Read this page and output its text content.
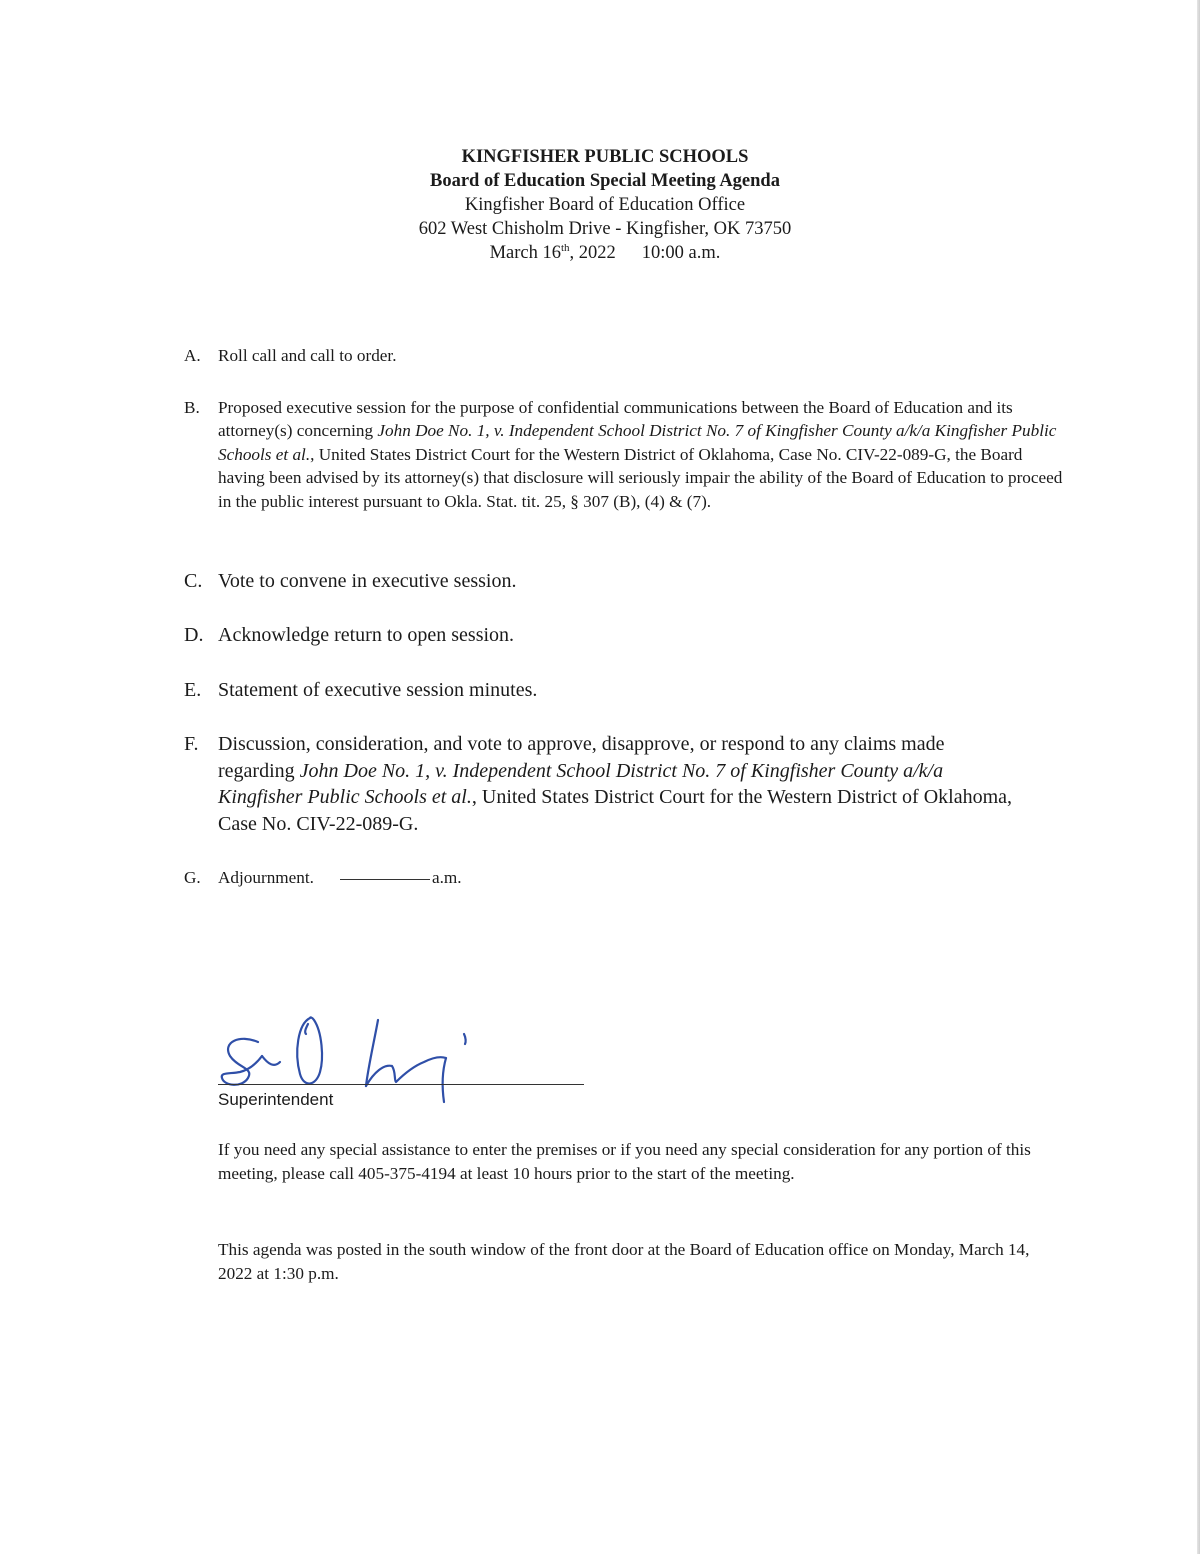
KINGFISHER PUBLIC SCHOOLS
Board of Education Special Meeting Agenda
Kingfisher Board of Education Office
602 West Chisholm Drive - Kingfisher, OK 73750
March 16th, 2022 10:00 a.m.
A. Roll call and call to order.
B. Proposed executive session for the purpose of confidential communications between the Board of Education and its attorney(s) concerning John Doe No. 1, v. Independent School District No. 7 of Kingfisher County a/k/a Kingfisher Public Schools et al., United States District Court for the Western District of Oklahoma, Case No. CIV-22-089-G, the Board having been advised by its attorney(s) that disclosure will seriously impair the ability of the Board of Education to proceed in the public interest pursuant to Okla. Stat. tit. 25, § 307 (B), (4) & (7).
C. Vote to convene in executive session.
D. Acknowledge return to open session.
E. Statement of executive session minutes.
F. Discussion, consideration, and vote to approve, disapprove, or respond to any claims made regarding John Doe No. 1, v. Independent School District No. 7 of Kingfisher County a/k/a Kingfisher Public Schools et al., United States District Court for the Western District of Oklahoma, Case No. CIV-22-089-G.
G. Adjournment.	a.m.
Superintendent
If you need any special assistance to enter the premises or if you need any special consideration for any portion of this meeting, please call 405-375-4194 at least 10 hours prior to the start of the meeting.
This agenda was posted in the south window of the front door at the Board of Education office on Monday, March 14, 2022 at 1:30 p.m.
